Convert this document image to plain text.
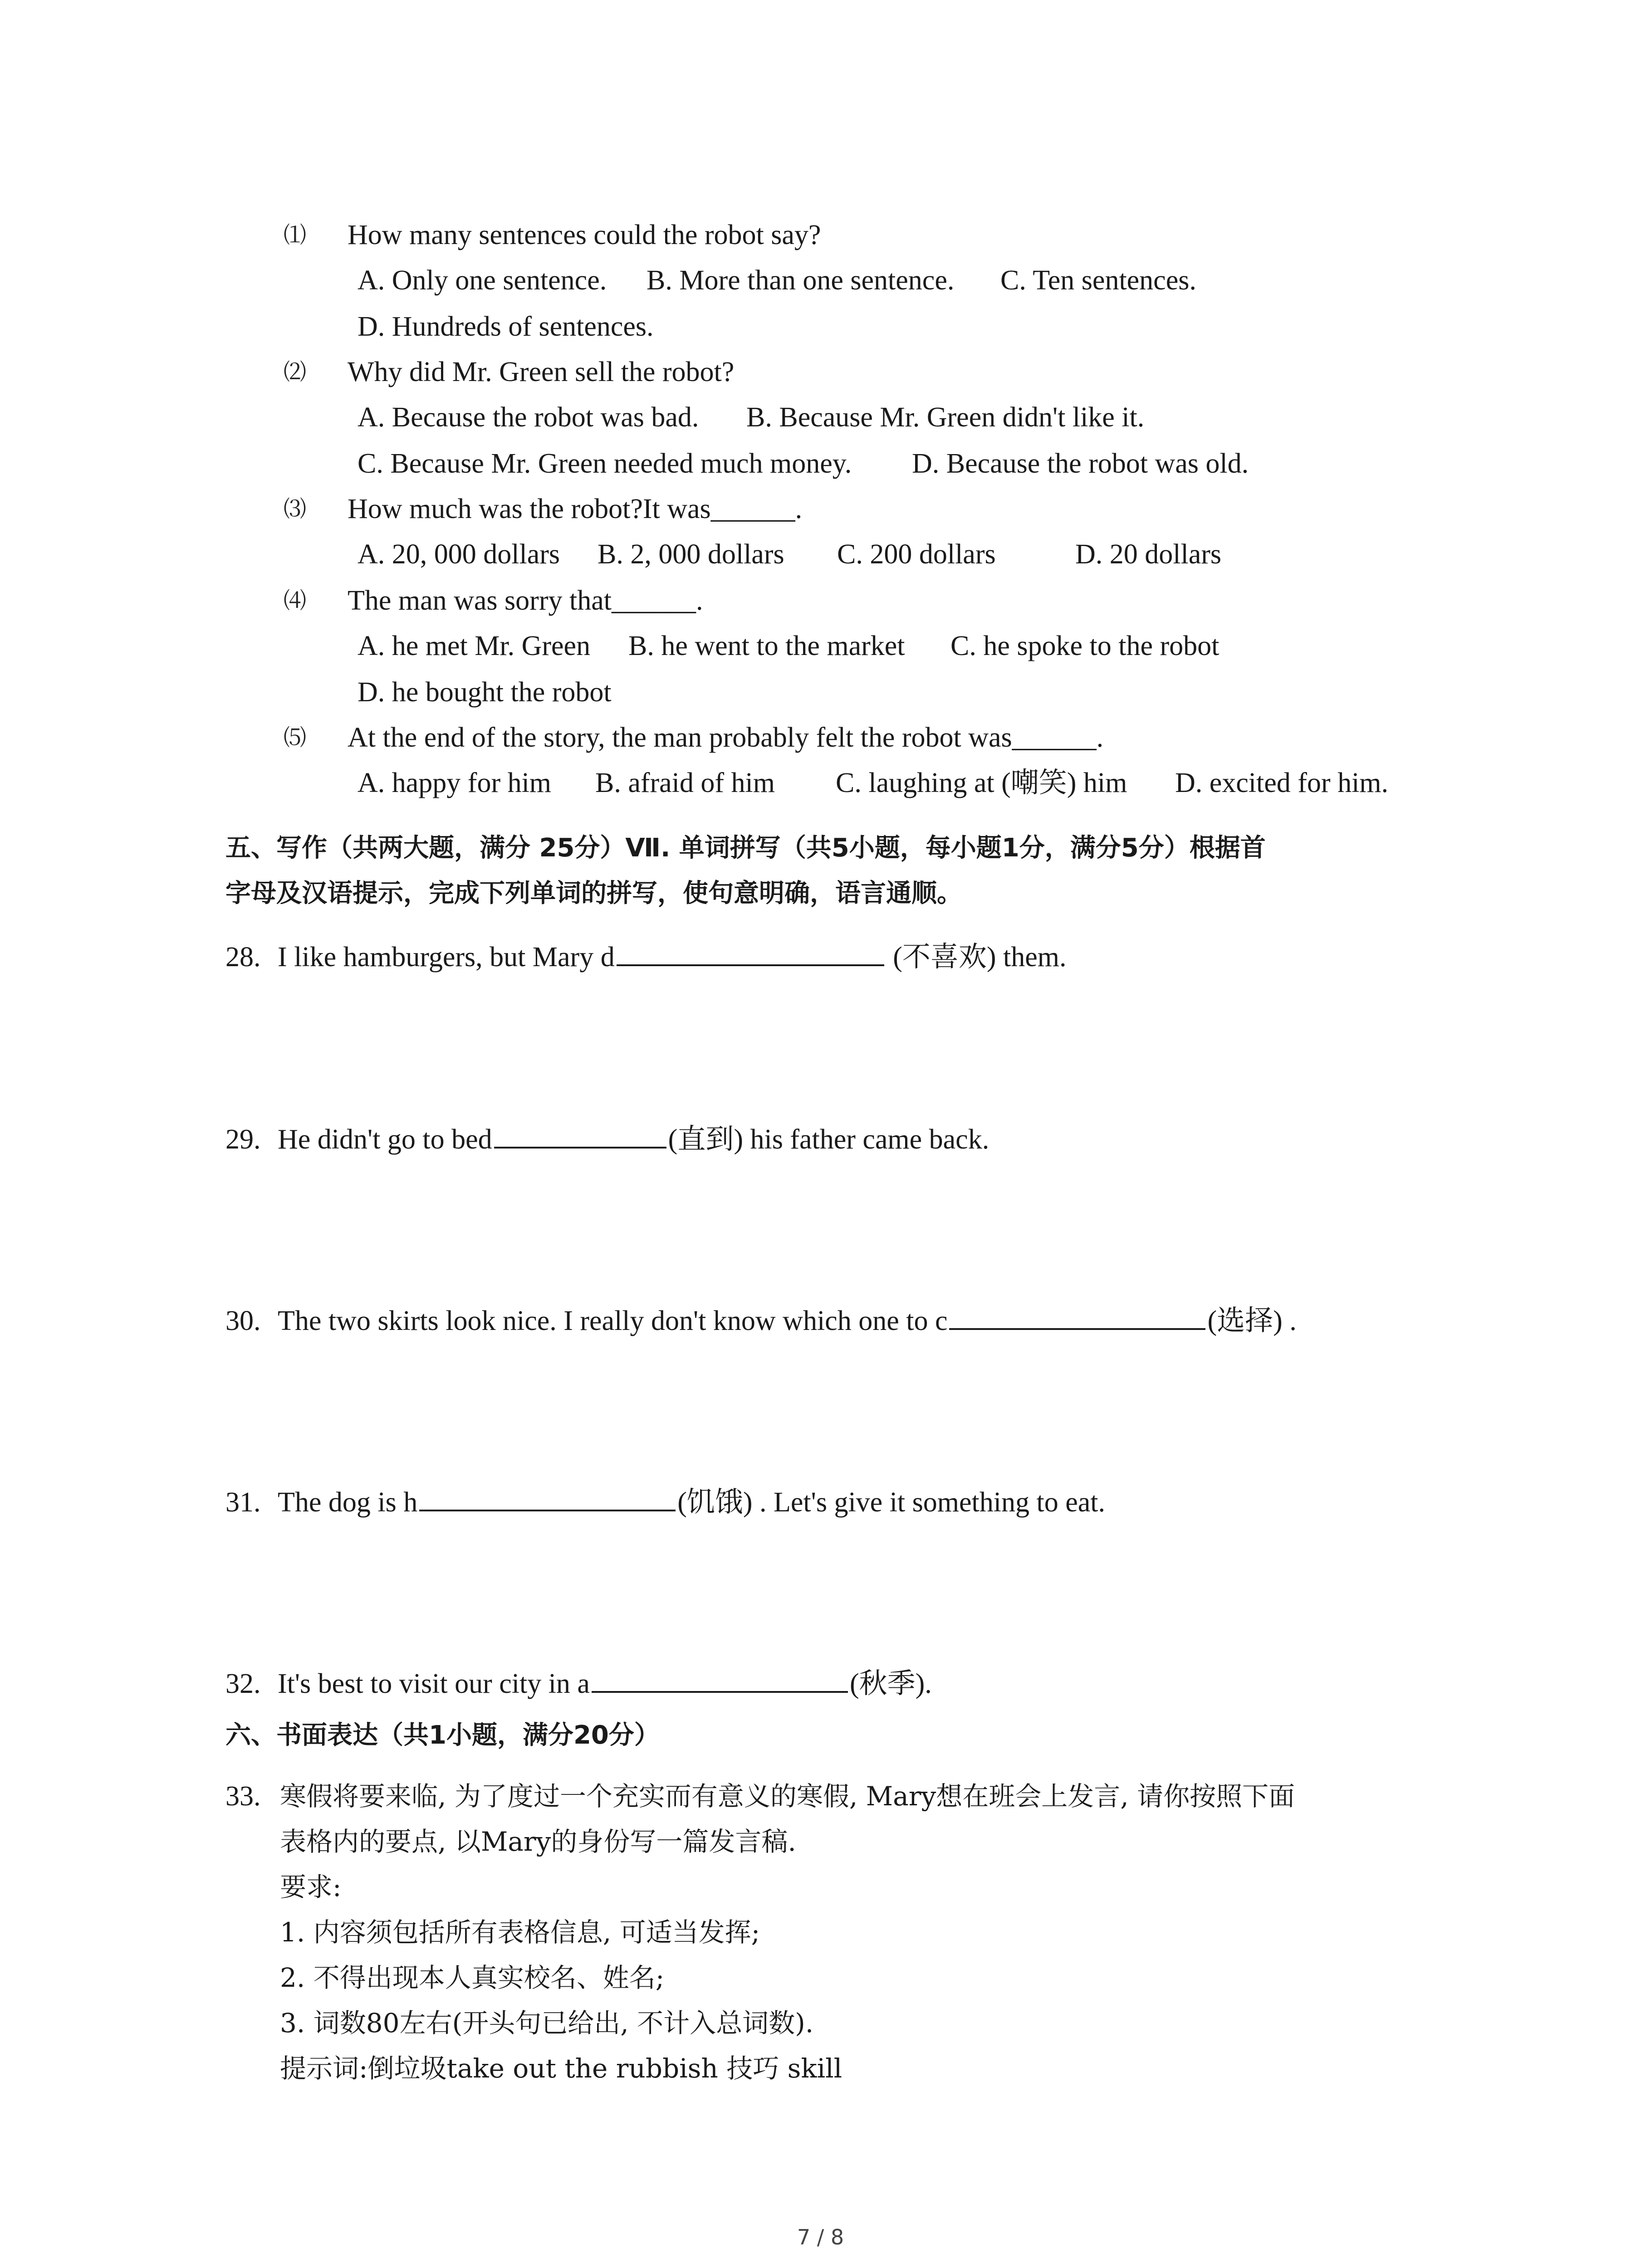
⑴ How many sentences could the robot say?
A. Only one sentence. B. More than one sentence. C. Ten sentences.
D. Hundreds of sentences.
⑵ Why did Mr. Green sell the robot?
A. Because the robot was bad. B. Because Mr. Green didn't like it.
C. Because Mr. Green needed much money. D. Because the robot was old.
⑶ How much was the robot?It was______.
A. 20, 000 dollars B. 2, 000 dollars C. 200 dollars	D. 20 dollars
⑷ The man was sorry that______.
A. he met Mr. Green B. he went to the market C. he spoke to the robot
D. he bought the robot
⑸ At the end of the story, the man probably felt the robot was______.
A. happy for him B. afraid of him C. laughing at (嘲笑) him D. excited for him.
五、写作（共两大题，满分 25分）Ⅶ. 单词拼写（共5小题，每小题1分，满分5分）根据首
字母及汉语提示，完成下列单词的拼写，使句意明确，语言通顺。
28. I like hamburgers, but Mary d	(不喜欢) them.
29. He didn't go to bed	(直到) his father came back.
30. The two skirts look nice. I really don't know which one to c	(选择) .
31. The dog is h	(饥饿) . Let's give it something to eat.
32. It's best to visit our city in a	(秋季).
六、书面表达（共1小题，满分20分）
33. 寒假将要来临, 为了度过一个充实而有意义的寒假, Mary想在班会上发言, 请你按照下面
表格内的要点, 以Mary的身份写一篇发言稿.
要求:
1. 内容须包括所有表格信息, 可适当发挥;
2. 不得出现本人真实校名、姓名;
3. 词数80左右(开头句已给出, 不计入总词数).
提示词:倒垃圾take out the rubbish 技巧 skill
7 / 8
